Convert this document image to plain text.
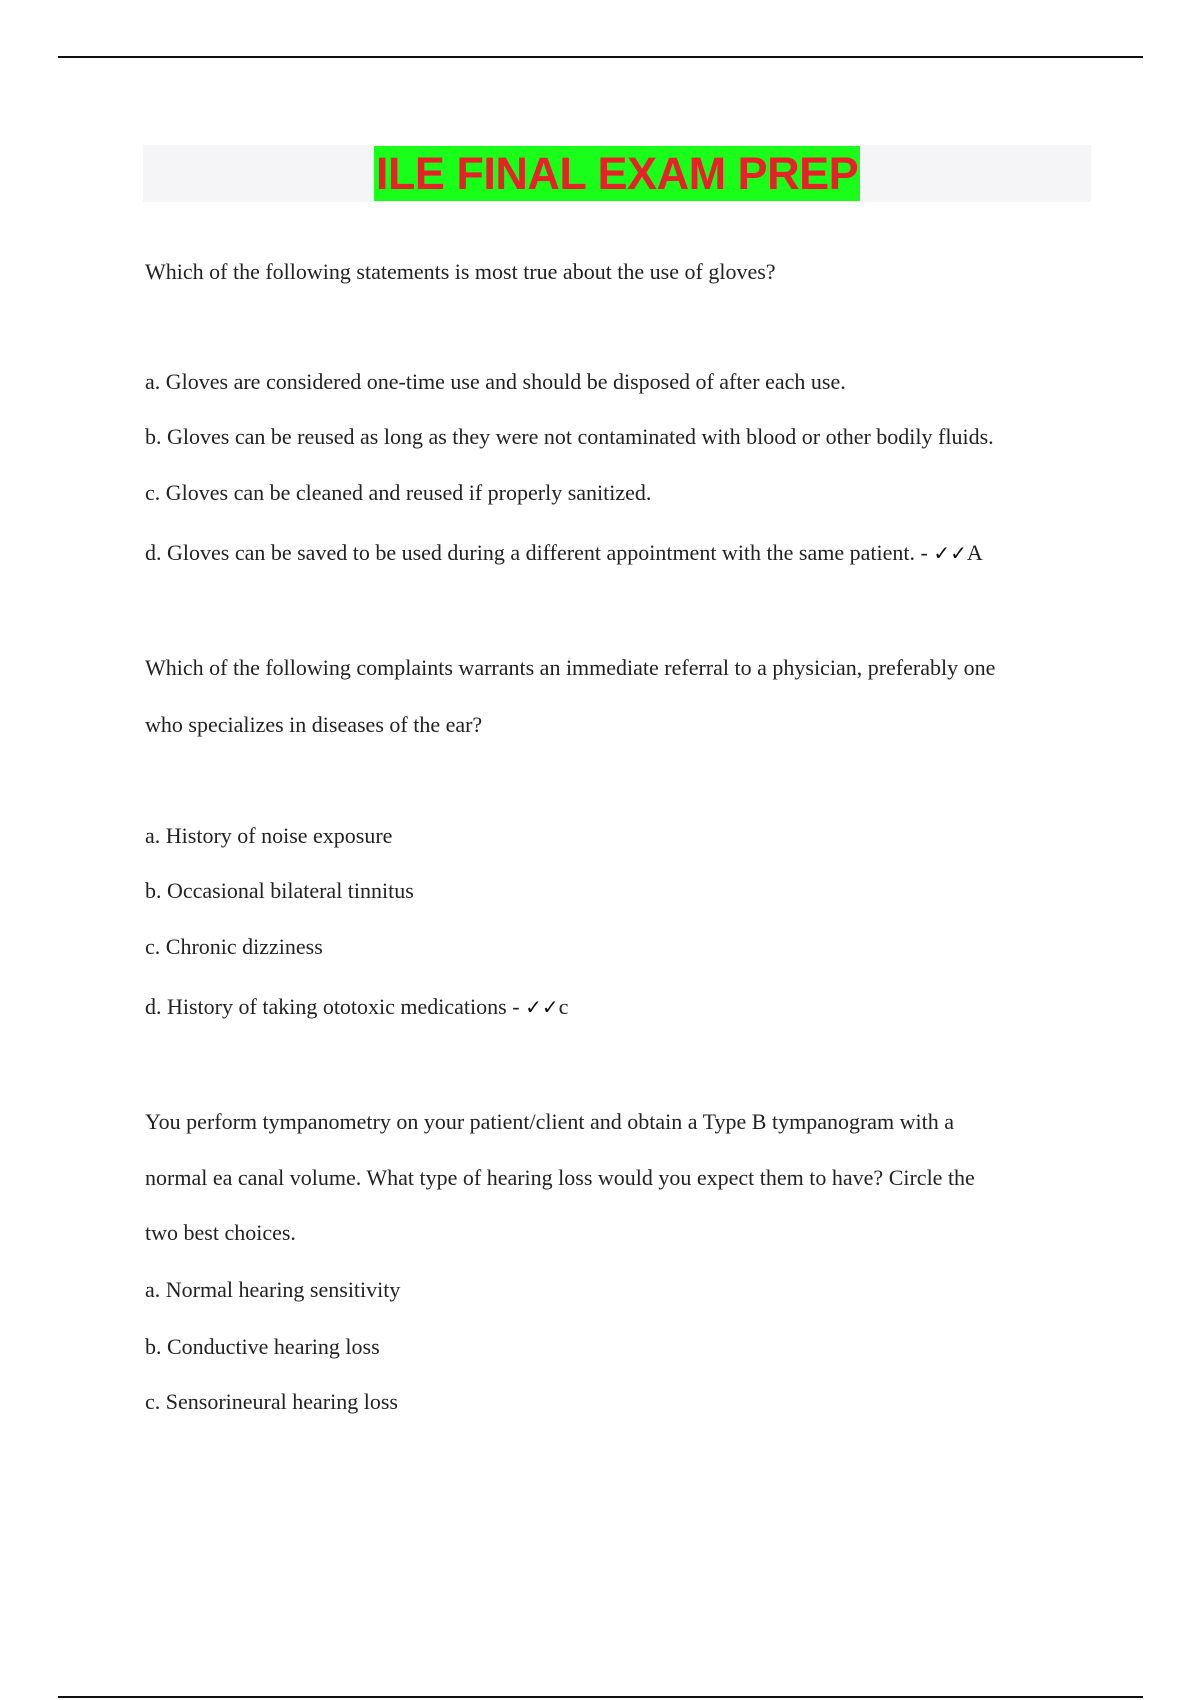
ILE FINAL EXAM PREP
Which of the following statements is most true about the use of gloves?
a. Gloves are considered one-time use and should be disposed of after each use.
b. Gloves can be reused as long as they were not contaminated with blood or other bodily fluids.
c. Gloves can be cleaned and reused if properly sanitized.
d. Gloves can be saved to be used during a different appointment with the same patient. - ✓✓A
Which of the following complaints warrants an immediate referral to a physician, preferably one
who specializes in diseases of the ear?
a. History of noise exposure
b. Occasional bilateral tinnitus
c. Chronic dizziness
d. History of taking ototoxic medications - ✓✓c
You perform tympanometry on your patient/client and obtain a Type B tympanogram with a
normal ea canal volume. What type of hearing loss would you expect them to have? Circle the
two best choices.
a. Normal hearing sensitivity
b. Conductive hearing loss
c. Sensorineural hearing loss
